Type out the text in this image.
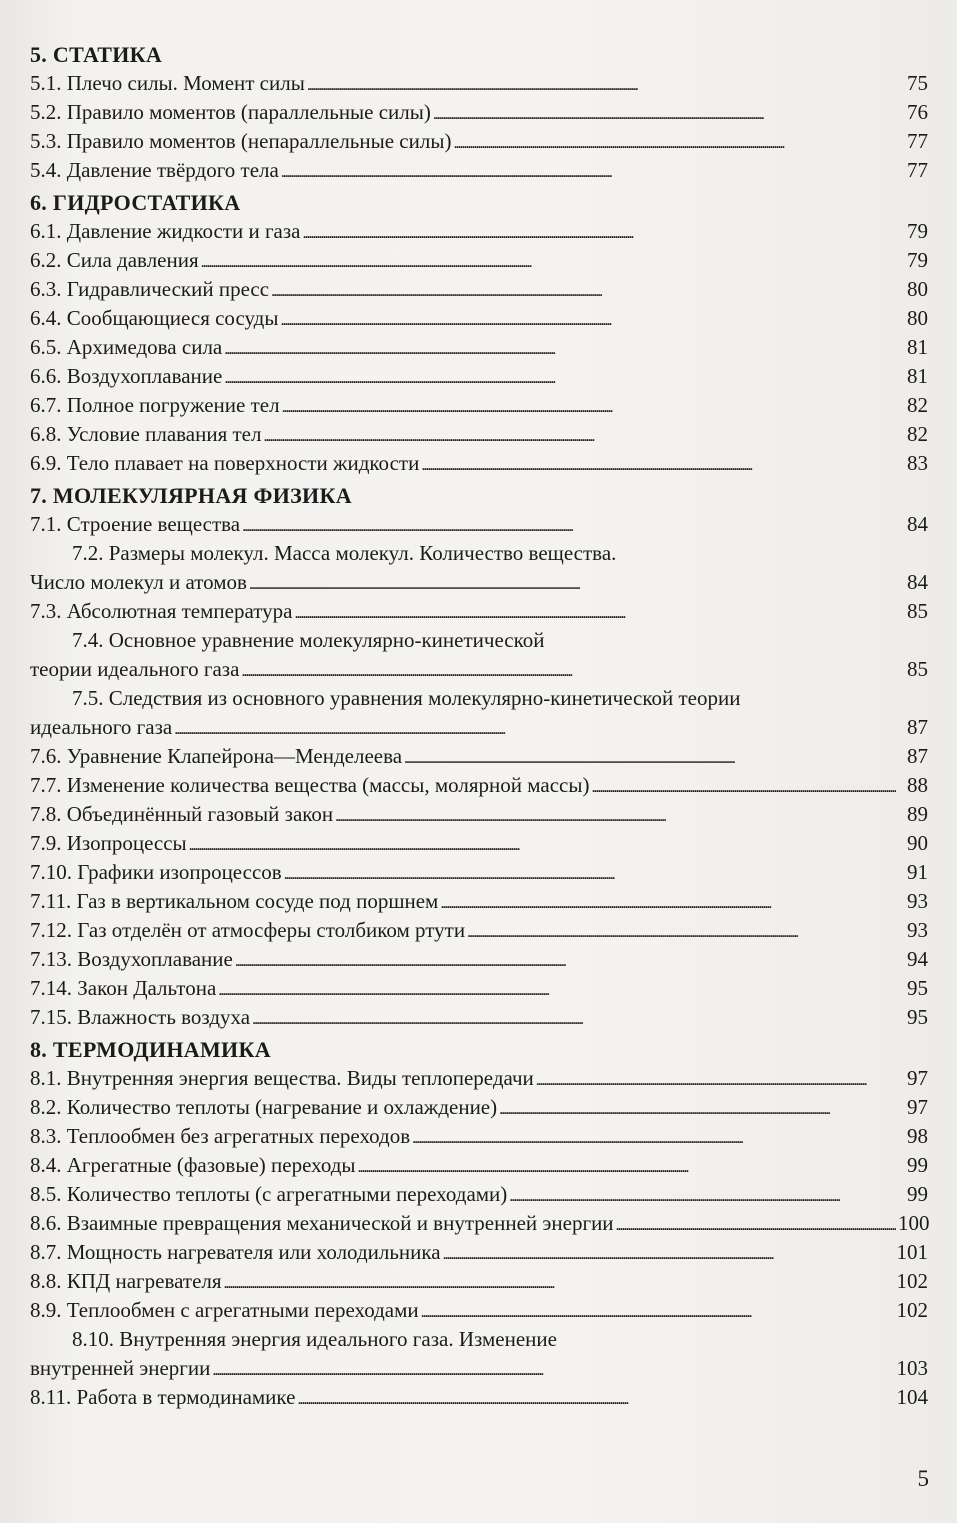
5. СТАТИКА
5.1. Плечо силы. Момент силы . . .	75
5.2. Правило моментов (параллельные силы) . . .	76
5.3. Правило моментов (непараллельные силы) . . .	77
5.4. Давление твёрдого тела . . .	77
6. ГИДРОСТАТИКА
6.1. Давление жидкости и газа . . .	79
6.2. Сила давления . . .	79
6.3. Гидравлический пресс . . .	80
6.4. Сообщающиеся сосуды . . .	80
6.5. Архимедова сила . . .	81
6.6. Воздухоплавание . . .	81
6.7. Полное погружение тел . . .	82
6.8. Условие плавания тел . . .	82
6.9. Тело плавает на поверхности жидкости . . .	83
7. МОЛЕКУЛЯРНАЯ ФИЗИКА
7.1. Строение вещества . . .	84
7.2. Размеры молекул. Масса молекул. Количество вещества.
Число молекул и атомов . . .	84
7.3. Абсолютная температура . . .	85
7.4. Основное уравнение молекулярно-кинетической
теории идеального газа . . .	85
7.5. Следствия из основного уравнения молекулярно-кинетической теории
идеального газа . . .	87
7.6. Уравнение Клапейрона—Менделеева . . .	87
7.7. Изменение количества вещества (массы, молярной массы) . . .	88
7.8. Объединённый газовый закон . . .	89
7.9. Изопроцессы . . .	90
7.10. Графики изопроцессов . . .	91
7.11. Газ в вертикальном сосуде под поршнем . . .	93
7.12. Газ отделён от атмосферы столбиком ртути . . .	93
7.13. Воздухоплавание . . .	94
7.14. Закон Дальтона . . .	95
7.15. Влажность воздуха . . .	95
8. ТЕРМОДИНАМИКА
8.1. Внутренняя энергия вещества. Виды теплопередачи . . .	97
8.2. Количество теплоты (нагревание и охлаждение) . . .	97
8.3. Теплообмен без агрегатных переходов . . .	98
8.4. Агрегатные (фазовые) переходы . . .	99
8.5. Количество теплоты (с агрегатными переходами) . . .	99
8.6. Взаимные превращения механической и внутренней энергии . . .	100
8.7. Мощность нагревателя или холодильника . . .	101
8.8. КПД нагревателя . . .	102
8.9. Теплообмен с агрегатными переходами . . .	102
8.10. Внутренняя энергия идеального газа. Изменение
внутренней энергии . . .	103
8.11. Работа в термодинамике . . .	104
5
